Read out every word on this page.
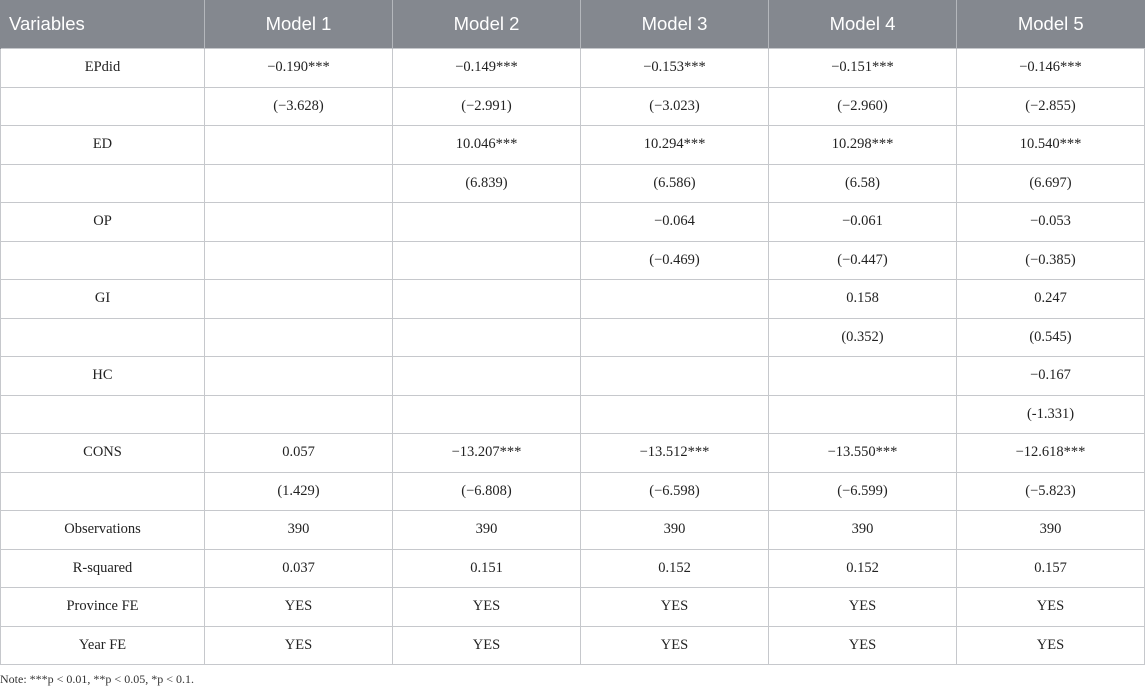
Variables	Model 1	Model 2	Model 3	Model 4	Model 5
EPdid	−0.190***	−0.149***	−0.153***	−0.151***	−0.146***
	(−3.628)	(−2.991)	(−3.023)	(−2.960)	(−2.855)
ED		10.046***	10.294***	10.298***	10.540***
		(6.839)	(6.586)	(6.58)	(6.697)
OP			−0.064	−0.061	−0.053
			(−0.469)	(−0.447)	(−0.385)
GI				0.158	0.247
				(0.352)	(0.545)
HC					−0.167
					(-1.331)
CONS	0.057	−13.207***	−13.512***	−13.550***	−12.618***
	(1.429)	(−6.808)	(−6.598)	(−6.599)	(−5.823)
Observations	390	390	390	390	390
R-squared	0.037	0.151	0.152	0.152	0.157
Province FE	YES	YES	YES	YES	YES
Year FE	YES	YES	YES	YES	YES
Note: ***p < 0.01, **p < 0.05, *p < 0.1.
